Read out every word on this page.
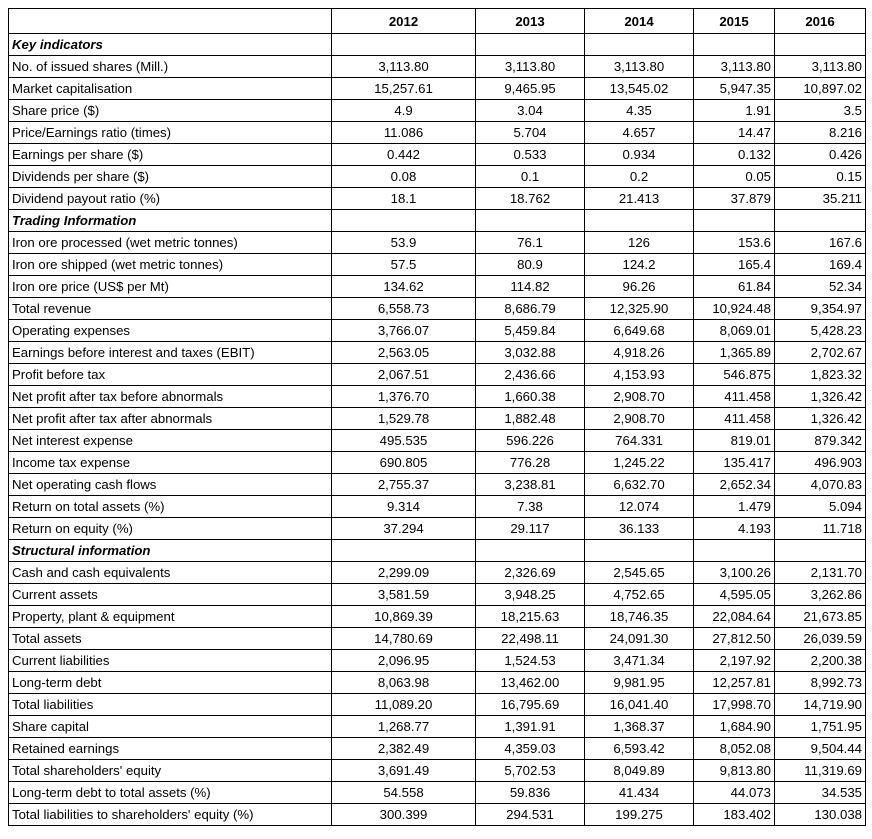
	2012	2013	2014	2015	2016
Key indicators					
No. of issued shares (Mill.)	3,113.80	3,113.80	3,113.80	3,113.80	3,113.80
Market capitalisation	15,257.61	9,465.95	13,545.02	5,947.35	10,897.02
Share price ($)	4.9	3.04	4.35	1.91	3.5
Price/Earnings ratio (times)	11.086	5.704	4.657	14.47	8.216
Earnings per share ($)	0.442	0.533	0.934	0.132	0.426
Dividends per share ($)	0.08	0.1	0.2	0.05	0.15
Dividend payout ratio (%)	18.1	18.762	21.413	37.879	35.211
Trading Information					
Iron ore processed (wet metric tonnes)	53.9	76.1	126	153.6	167.6
Iron ore shipped (wet metric tonnes)	57.5	80.9	124.2	165.4	169.4
Iron ore price (US$ per Mt)	134.62	114.82	96.26	61.84	52.34
Total revenue	6,558.73	8,686.79	12,325.90	10,924.48	9,354.97
Operating expenses	3,766.07	5,459.84	6,649.68	8,069.01	5,428.23
Earnings before interest and taxes (EBIT)	2,563.05	3,032.88	4,918.26	1,365.89	2,702.67
Profit before tax	2,067.51	2,436.66	4,153.93	546.875	1,823.32
Net profit after tax before abnormals	1,376.70	1,660.38	2,908.70	411.458	1,326.42
Net profit after tax after abnormals	1,529.78	1,882.48	2,908.70	411.458	1,326.42
Net interest expense	495.535	596.226	764.331	819.01	879.342
Income tax expense	690.805	776.28	1,245.22	135.417	496.903
Net operating cash flows	2,755.37	3,238.81	6,632.70	2,652.34	4,070.83
Return on total assets (%)	9.314	7.38	12.074	1.479	5.094
Return on equity (%)	37.294	29.117	36.133	4.193	11.718
Structural information					
Cash and cash equivalents	2,299.09	2,326.69	2,545.65	3,100.26	2,131.70
Current assets	3,581.59	3,948.25	4,752.65	4,595.05	3,262.86
Property, plant & equipment	10,869.39	18,215.63	18,746.35	22,084.64	21,673.85
Total assets	14,780.69	22,498.11	24,091.30	27,812.50	26,039.59
Current liabilities	2,096.95	1,524.53	3,471.34	2,197.92	2,200.38
Long-term debt	8,063.98	13,462.00	9,981.95	12,257.81	8,992.73
Total liabilities	11,089.20	16,795.69	16,041.40	17,998.70	14,719.90
Share capital	1,268.77	1,391.91	1,368.37	1,684.90	1,751.95
Retained earnings	2,382.49	4,359.03	6,593.42	8,052.08	9,504.44
Total shareholders' equity	3,691.49	5,702.53	8,049.89	9,813.80	11,319.69
Long-term debt to total assets (%)	54.558	59.836	41.434	44.073	34.535
Total liabilities to shareholders' equity (%)	300.399	294.531	199.275	183.402	130.038
